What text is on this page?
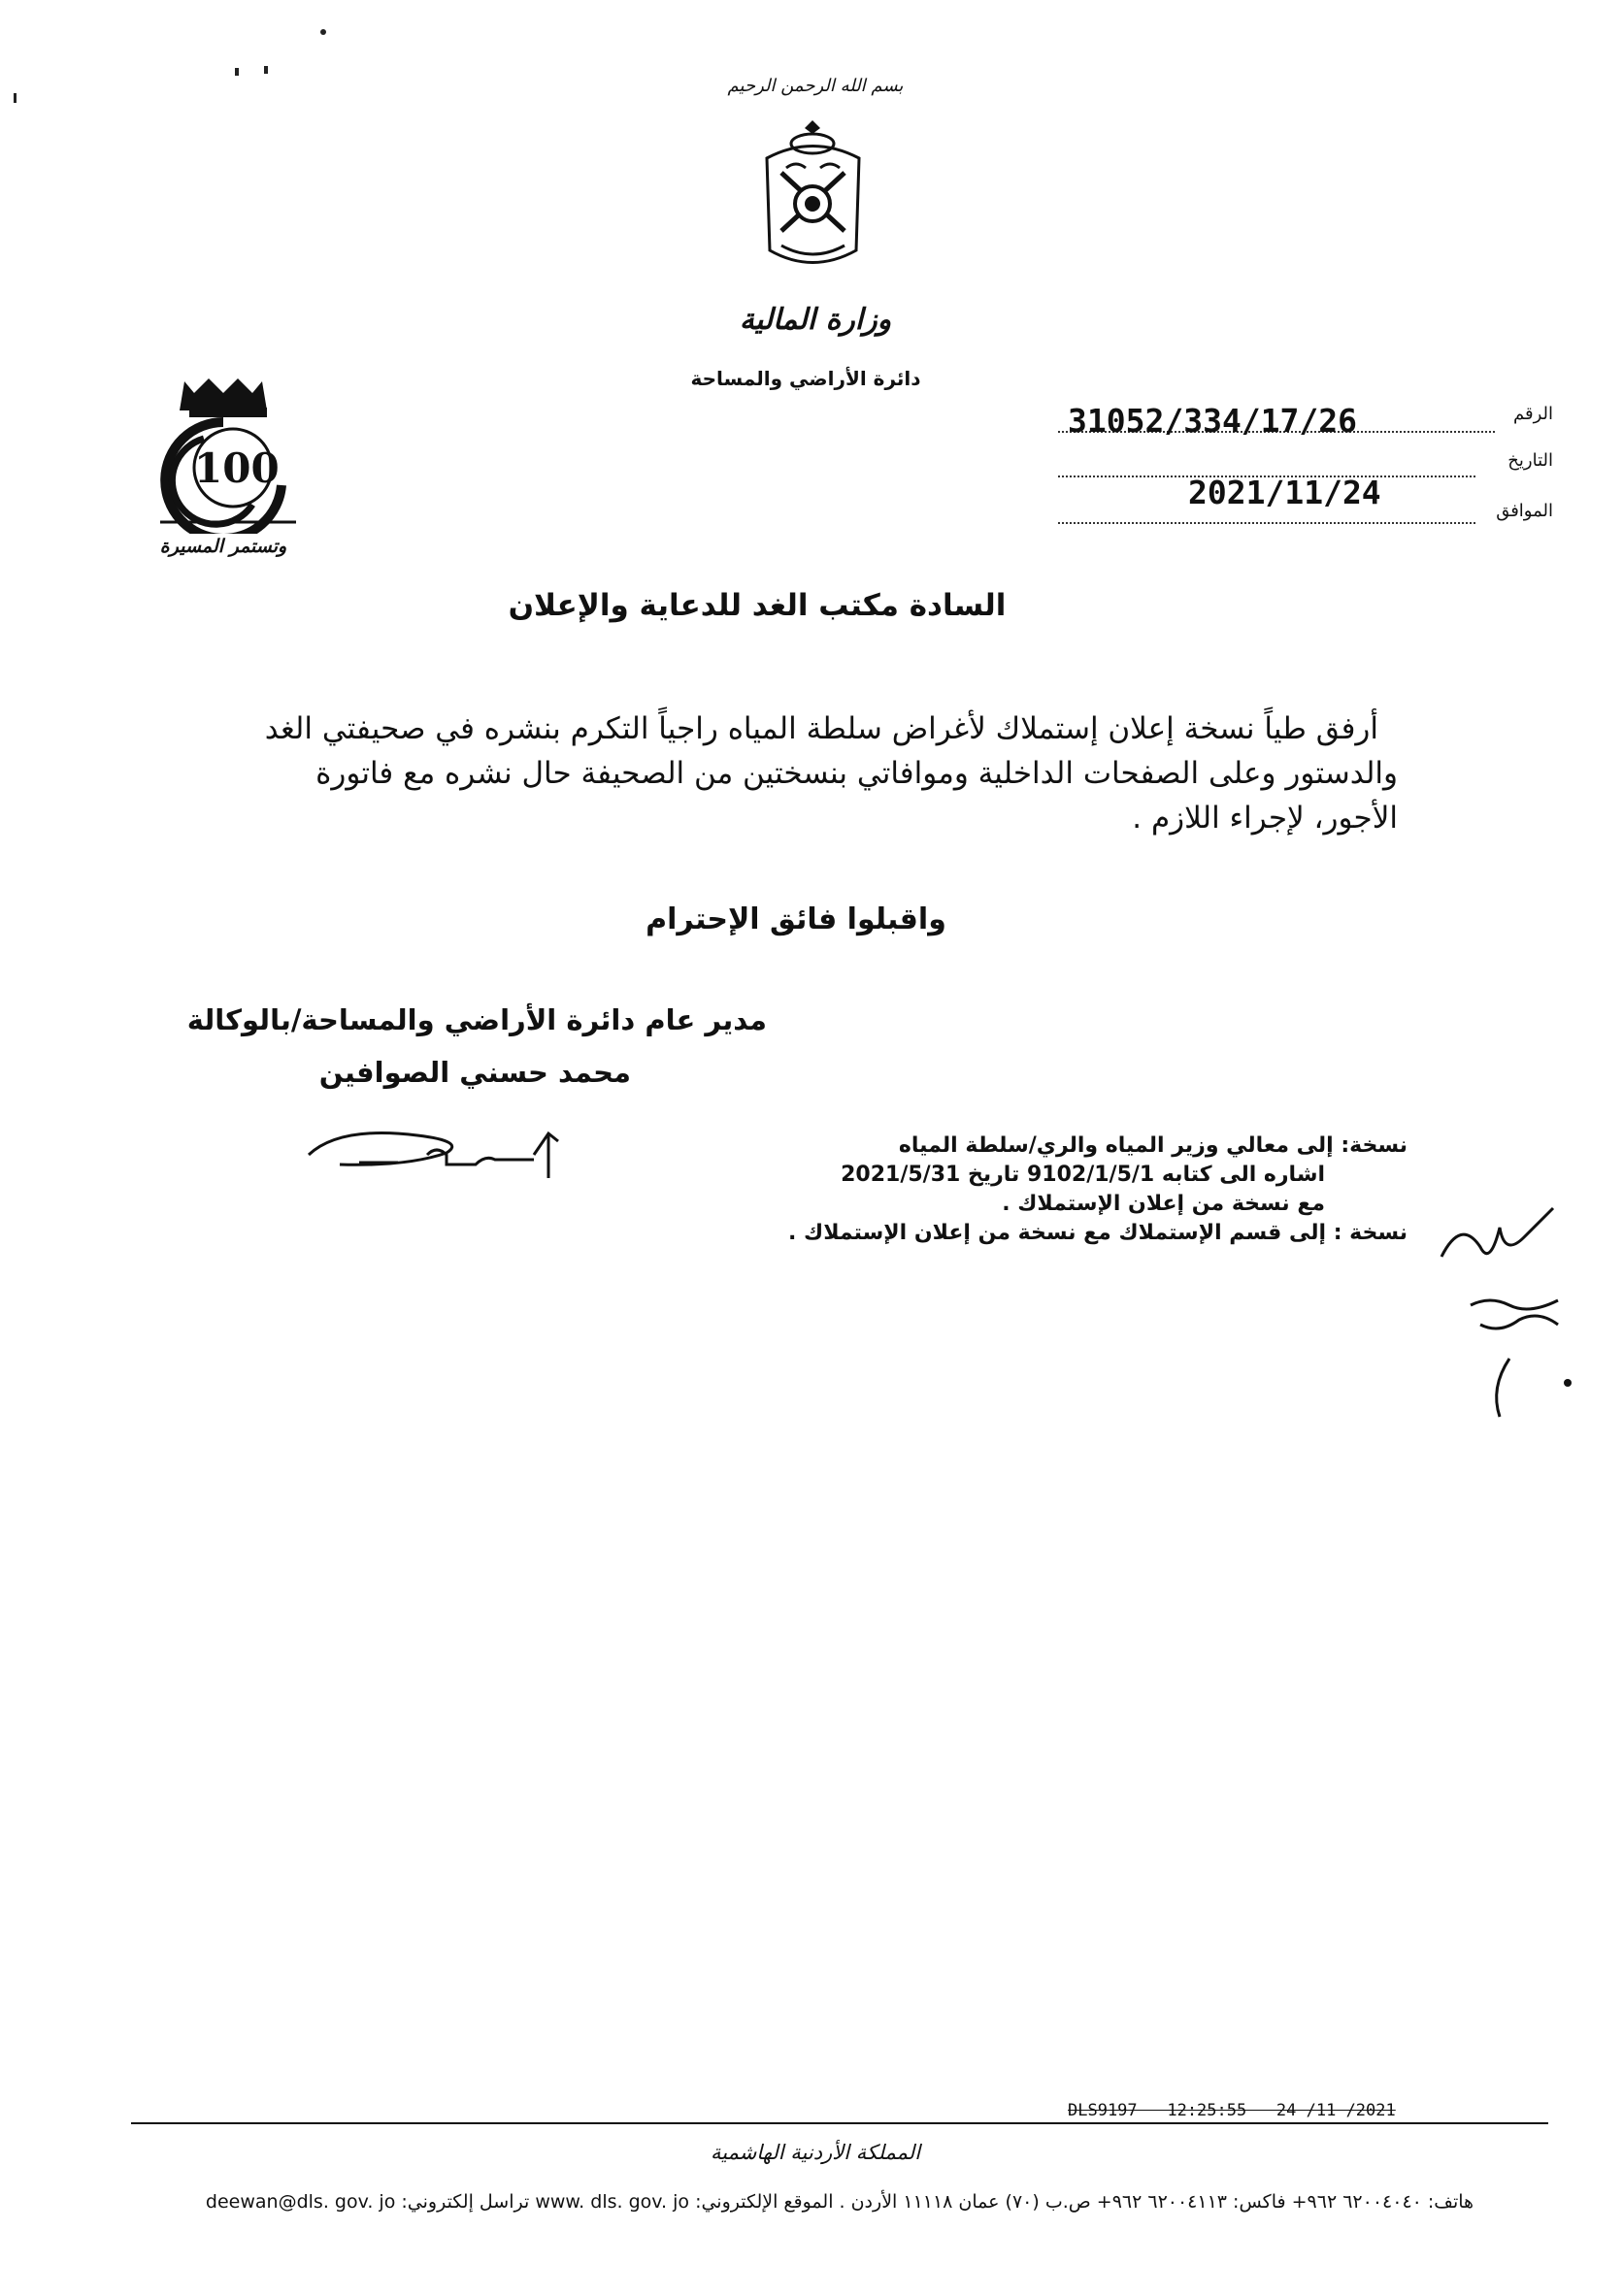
بسم الله الرحمن الرحيم
وزارة المالية
دائرة الأراضي والمساحة
100
وتستمر المسيرة
الرقم
31052/334/17/26
التاريخ
2021/11/24	الموافق
السادة مكتب الغد للدعاية والإعلان
أرفق طياً نسخة إعلان إستملاك لأغراض سلطة المياه راجياً التكرم بنشره في صحيفتي الغد
والدستور وعلى الصفحات الداخلية وموافاتي بنسختين من الصحيفة حال نشره مع فاتورة
الأجور، لإجراء اللازم .
واقبلوا فائق الإحترام
مدير عام دائرة الأراضي والمساحة/بالوكالة
محمد حسني الصوافين
نسخة: إلى معالي وزير المياه والري/سلطة المياه
اشاره الى كتابه 9102/1/5/1 تاريخ 2021/5/31
مع نسخة من إعلان الإستملاك .
نسخة : إلى قسم الإستملاك مع نسخة من إعلان الإستملاك .
DLS9197   12:25:55   24 /11 /2021
المملكة الأردنية الهاشمية
هاتف: ٦٢٠٠٤٠٤٠ ٩٦٢+ فاكس: ٦٢٠٠٤١١٣ ٩٦٢+ ص.ب (٧٠) عمان ١١١١٨ الأردن . الموقع الإلكتروني: www. dls. gov. jo تراسل إلكتروني: deewan@dls. gov. jo
